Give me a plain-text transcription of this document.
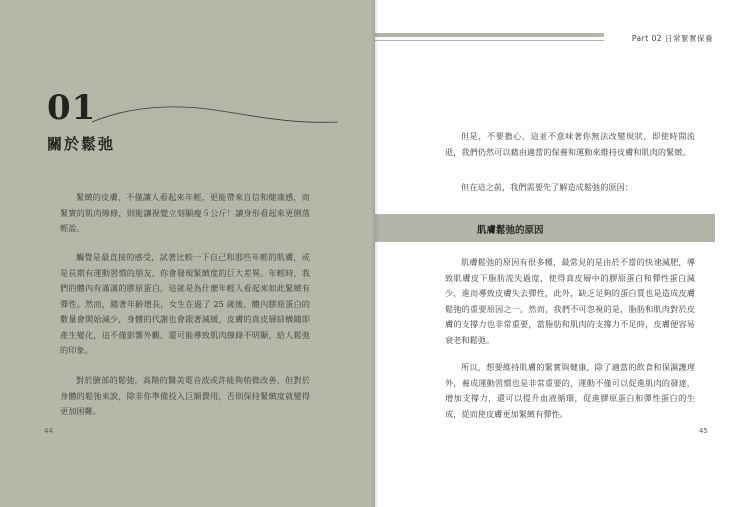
01
關於鬆弛

緊緻的皮膚，不僅讓人看起來年輕，更能帶來自信和健康感，而緊實的肌肉線條，則能讓視覺立刻顯瘦５公斤！讓身形看起來更俐落輕盈。

觸覺是最直接的感受，試著比較一下自己和那些年輕的肌膚，或是長期有運動習慣的朋友，你會發現緊緻度的巨大差異。年輕時，我們的體內有滿滿的膠原蛋白，這就是為什麼年輕人看起來如此緊緻有彈性。然而，隨著年齡增長，女生在過了 25 歲後，體內膠原蛋白的數量會開始減少，身體的代謝也會跟著減緩，皮膚的真皮層結構隨即產生變化，這不僅影響外觀，還可能導致肌肉線條不明顯，給人鬆弛的印象。

對於臉部的鬆弛，高階的醫美電音波或許能夠稍微改善，但對於身體的鬆弛來說，除非你準備投入巨額費用，否則保持緊緻度就變得更加困難。

44
Part 02 日常緊實保養

但是，不要擔心，這並不意味著你無法改變現狀，即使時間流逝，我們仍然可以藉由適當的保養和運動來維持皮膚和肌肉的緊緻。

但在這之前，我們需要先了解造成鬆弛的原因：

肌膚鬆弛的原因

肌膚鬆弛的原因有很多種，最常見的是由於不當的快速減肥，導致肌膚皮下脂肪流失過度，使得真皮層中的膠原蛋白和彈性蛋白減少，進而導致皮膚失去彈性，此外，缺乏足夠的蛋白質也是造成皮膚鬆弛的重要原因之一。然而，我們不可忽視的是，脂肪和肌肉對於皮膚的支撐力也非常重要，當脂肪和肌肉的支撐力不足時，皮膚便容易衰老和鬆弛。

所以，想要維持肌膚的緊實與健康，除了適當的飲食和保濕護理外，養成運動習慣也是非常重要的，運動不僅可以促進肌肉的發達，增加支撐力，還可以提升血液循環，促進膠原蛋白和彈性蛋白的生成，從而使皮膚更加緊緻有彈性。

45
